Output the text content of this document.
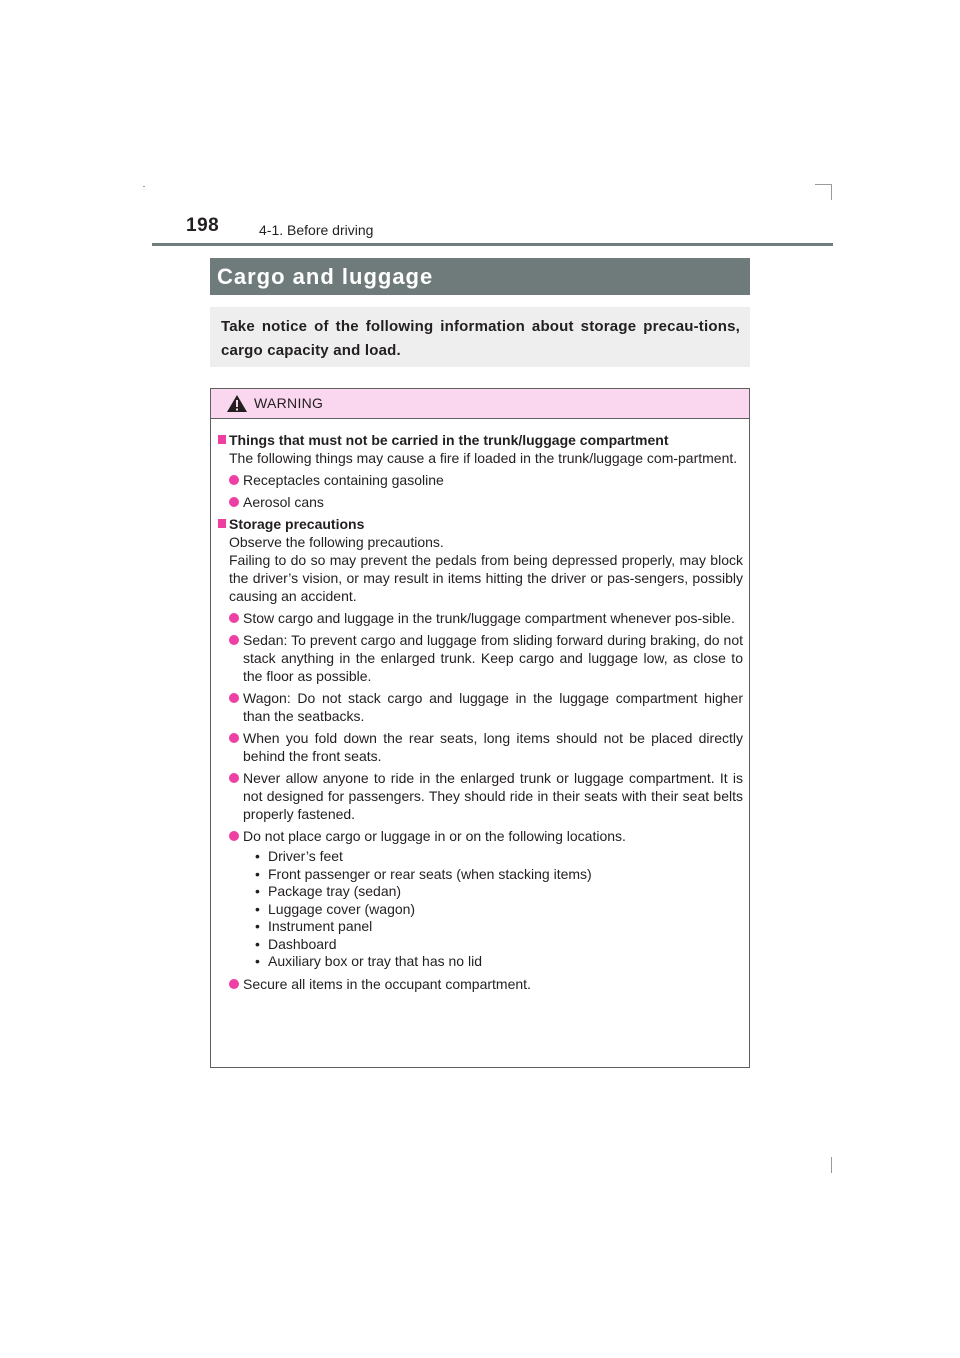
198	4-1. Before driving
Cargo and luggage
Take notice of the following information about storage precau-tions, cargo capacity and load.
WARNING
Things that must not be carried in the trunk/luggage compartment
The following things may cause a fire if loaded in the trunk/luggage com-partment.
Receptacles containing gasoline
Aerosol cans
Storage precautions
Observe the following precautions.
Failing to do so may prevent the pedals from being depressed properly, may block the driver’s vision, or may result in items hitting the driver or pas-sengers, possibly causing an accident.
Stow cargo and luggage in the trunk/luggage compartment whenever pos-sible.
Sedan: To prevent cargo and luggage from sliding forward during braking, do not stack anything in the enlarged trunk. Keep cargo and luggage low, as close to the floor as possible.
Wagon: Do not stack cargo and luggage in the luggage compartment higher than the seatbacks.
When you fold down the rear seats, long items should not be placed directly behind the front seats.
Never allow anyone to ride in the enlarged trunk or luggage compartment. It is not designed for passengers. They should ride in their seats with their seat belts properly fastened.
Do not place cargo or luggage in or on the following locations.
• Driver’s feet
• Front passenger or rear seats (when stacking items)
• Package tray (sedan)
• Luggage cover (wagon)
• Instrument panel
• Dashboard
• Auxiliary box or tray that has no lid
Secure all items in the occupant compartment.
